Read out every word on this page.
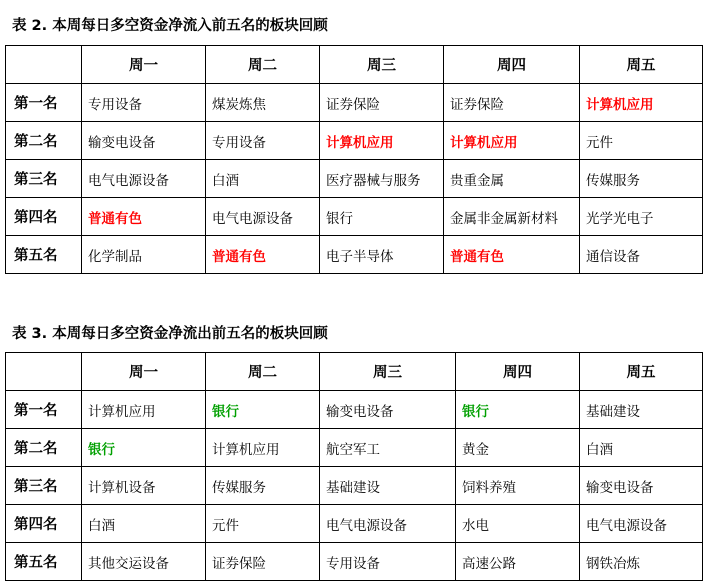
表 2. 本周每日多空资金净流入前五名的板块回顾
	周一	周二	周三	周四	周五
第一名	专用设备	煤炭炼焦	证券保险	证券保险	计算机应用
第二名	输变电设备	专用设备	计算机应用	计算机应用	元件
第三名	电气电源设备	白酒	医疗器械与服务	贵重金属	传媒服务
第四名	普通有色	电气电源设备	银行	金属非金属新材料	光学光电子
第五名	化学制品	普通有色	电子半导体	普通有色	通信设备
表 3. 本周每日多空资金净流出前五名的板块回顾
	周一	周二	周三	周四	周五
第一名	计算机应用	银行	输变电设备	银行	基础建设
第二名	银行	计算机应用	航空军工	黄金	白酒
第三名	计算机设备	传媒服务	基础建设	饲料养殖	输变电设备
第四名	白酒	元件	电气电源设备	水电	电气电源设备
第五名	其他交运设备	证券保险	专用设备	高速公路	钢铁冶炼
